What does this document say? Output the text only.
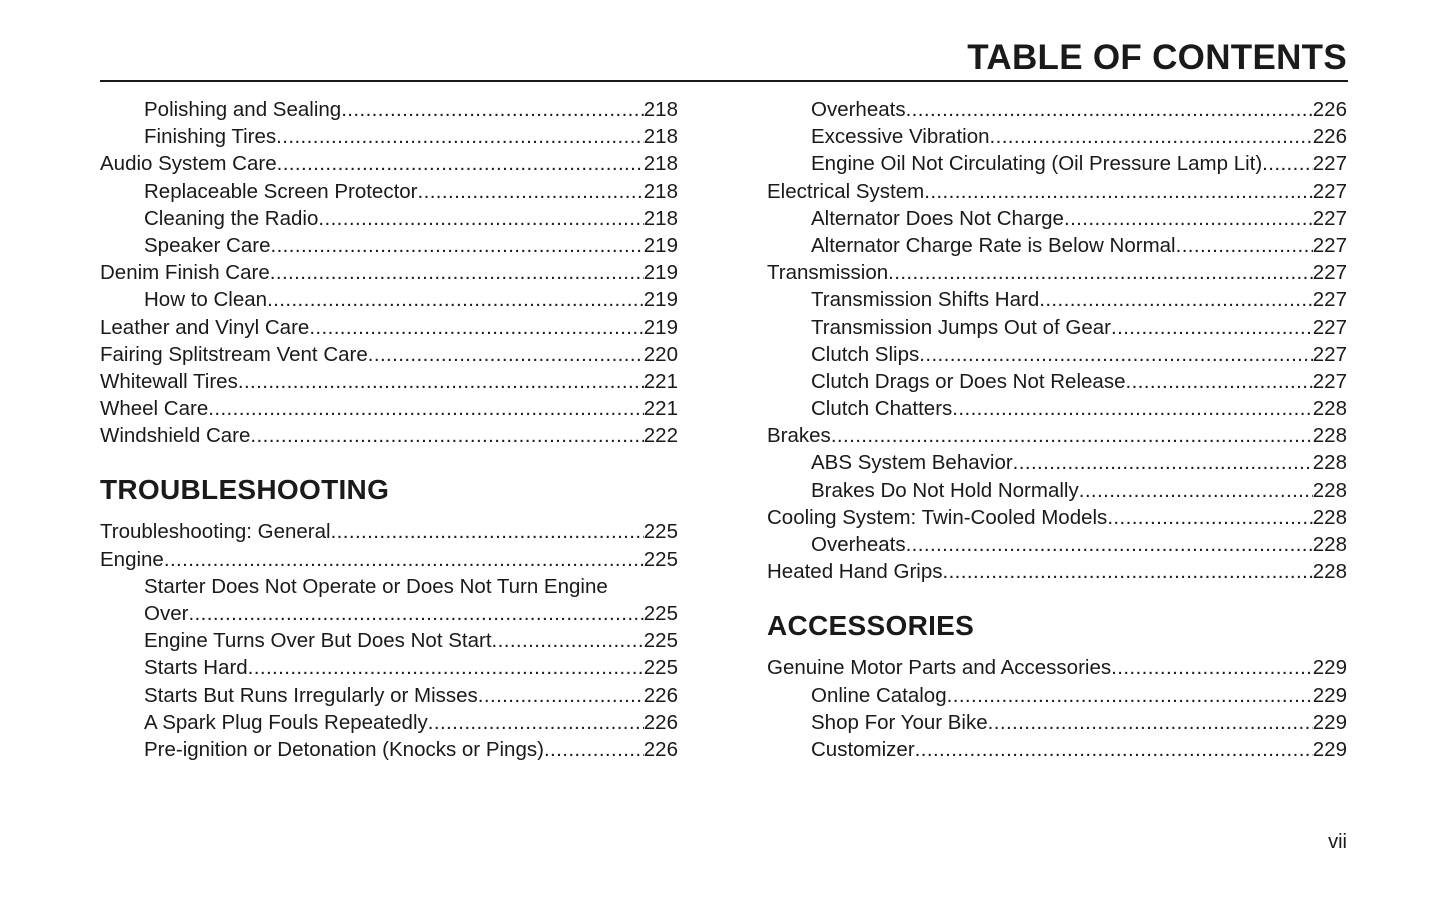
TABLE OF CONTENTS
Polishing and Sealing .....	218
Finishing Tires .....	218
Audio System Care .....	218
Replaceable Screen Protector .....	218
Cleaning the Radio .....	218
Speaker Care .....	219
Denim Finish Care .....	219
How to Clean .....	219
Leather and Vinyl Care .....	219
Fairing Splitstream Vent Care .....	220
Whitewall Tires .....	221
Wheel Care .....	221
Windshield Care .....	222
TROUBLESHOOTING
Troubleshooting: General .....	225
Engine .....	225
Starter Does Not Operate or Does Not Turn Engine
Over .....	225
Engine Turns Over But Does Not Start .....	225
Starts Hard .....	225
Starts But Runs Irregularly or Misses .....	226
A Spark Plug Fouls Repeatedly .....	226
Pre-ignition or Detonation (Knocks or Pings) .....	226
Overheats .....	226
Excessive Vibration .....	226
Engine Oil Not Circulating (Oil Pressure Lamp Lit) ..... 227
Electrical System .....	227
Alternator Does Not Charge .....	227
Alternator Charge Rate is Below Normal .....	227
Transmission .....	227
Transmission Shifts Hard .....	227
Transmission Jumps Out of Gear .....	227
Clutch Slips .....	227
Clutch Drags or Does Not Release .....	227
Clutch Chatters .....	228
Brakes .....	228
ABS System Behavior .....	228
Brakes Do Not Hold Normally .....	228
Cooling System: Twin-Cooled Models .....	228
Overheats .....	228
Heated Hand Grips .....	228
ACCESSORIES
Genuine Motor Parts and Accessories .....	229
Online Catalog .....	229
Shop For Your Bike .....	229
Customizer .....	229
vii
